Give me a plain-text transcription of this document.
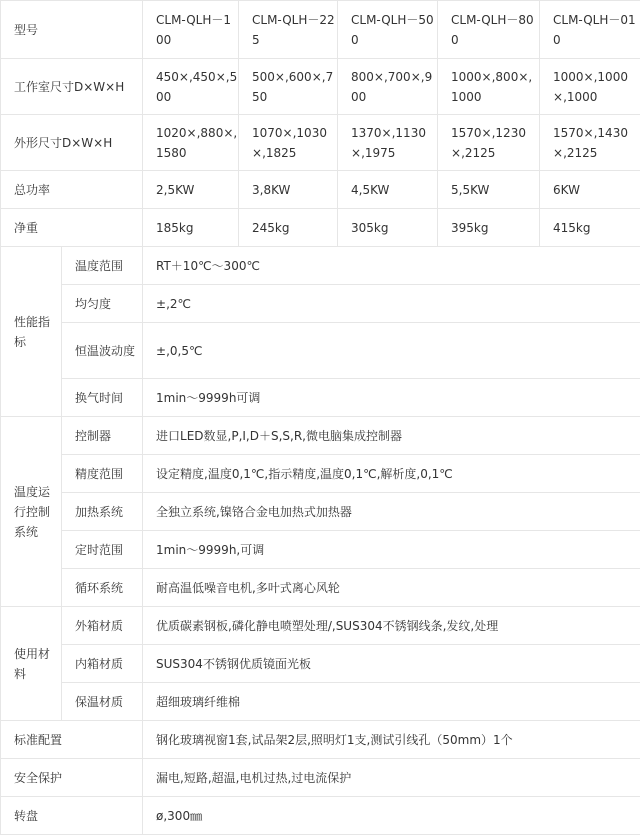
型号		CLM-QLH－100	CLM-QLH－225	CLM-QLH－500	CLM-QLH－800	CLM-QLH－010
工作室尺寸D×W×H		450×,450×,500	500×,600×,750	800×,700×,900	1000×,800×,1000	1000×,1000×,1000
外形尺寸D×W×H		1020×,880×,1580	1070×,1030×,1825	1370×,1130×,1975	1570×,1230×,2125	1570×,1430×,2125
总功率		2,5KW	3,8KW	4,5KW	5,5KW	6KW
净重		185kg	245kg	305kg	395kg	415kg
性能指标	温度范围	RT＋10℃～300℃				
	均匀度	±,2℃				
	恒温波动度	±,0,5℃				
	换气时间	1min～9999h可调				
温度运行控制系统	控制器	进口LED数显,P,I,D＋S,S,R,微电脑集成控制器				
	精度范围	设定精度,温度0,1℃,指示精度,温度0,1℃,解析度,0,1℃				
	加热系统	全独立系统,镍铬合金电加热式加热器				
	定时范围	1min～9999h,可调				
	循环系统	耐高温低噪音电机,多叶式离心风轮				
使用材料	外箱材质	优质碳素钢板,磷化静电喷塑处理/,SUS304不锈钢线条,发纹,处理				
	内箱材质	SUS304不锈钢优质镜面光板				
	保温材质	超细玻璃纤维棉				
标准配置		钢化玻璃视窗1套,试品架2层,照明灯1支,测试引线孔（50mm）1个				
安全保护		漏电,短路,超温,电机过热,过电流保护				
转盘		ø,300㎜				
